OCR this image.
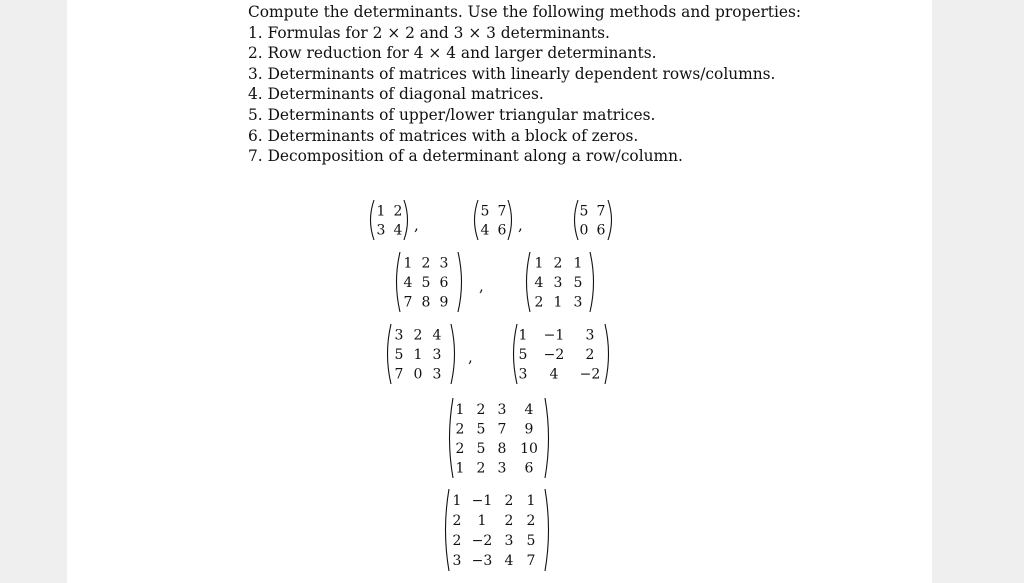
Compute the determinants. Use the following methods and properties:
1. Formulas for 2 × 2 and 3 × 3 determinants.
2. Row reduction for 4 × 4 and larger determinants.
3. Determinants of matrices with linearly dependent rows/columns.
4. Determinants of diagonal matrices.
5. Determinants of upper/lower triangular matrices.
6. Determinants of matrices with a block of zeros.
7. Decomposition of a determinant along a row/column.
1 2
3 4 ,
5 7
4 6 ,
5 7
0 6
1 2 3
4 5 6
7 8 9
,
1 2 1
4 3 5
2 1 3
3 2 4
5 1 3
7 0 3
,
1 −1 3
5 −2 2
3 4 −2
1 2 3 4
2 5 7 9
2 5 8 10
1 2 3 6
1 −1 2 1
2 1 2 2
2 −2 3 5
3 −3 4 7
